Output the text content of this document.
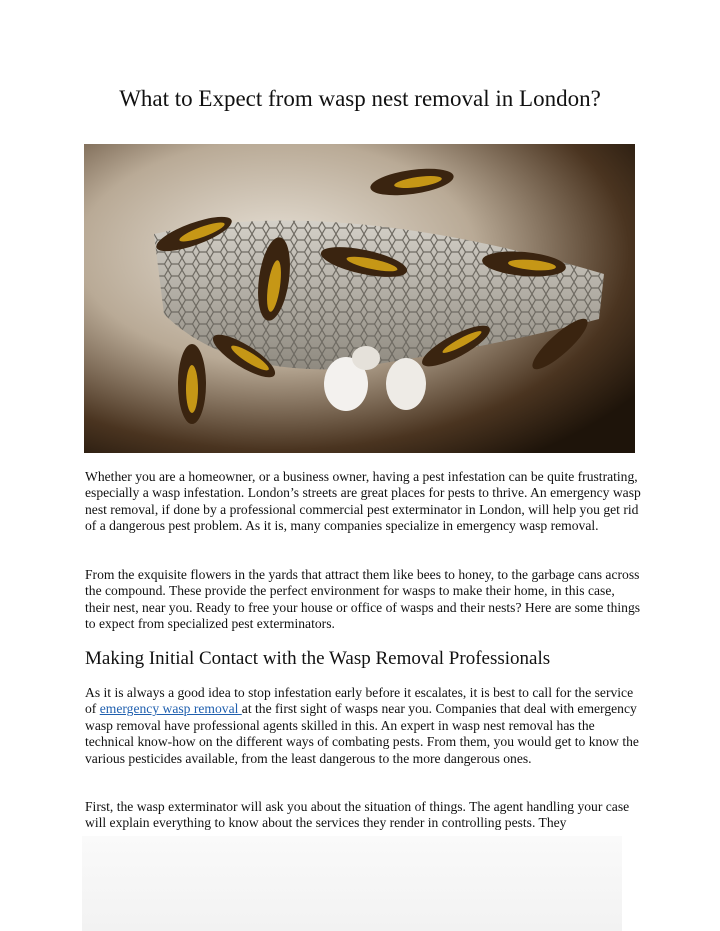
What to Expect from wasp nest removal in London?
Whether you are a homeowner, or a business owner, having a pest infestation can be quite frustrating, especially a wasp infestation. London’s streets are great places for pests to thrive. An emergency wasp nest removal, if done by a professional commercial pest exterminator in London, will help you get rid of a dangerous pest problem. As it is, many companies specialize in emergency wasp removal.
From the exquisite flowers in the yards that attract them like bees to honey, to the garbage cans across the compound. These provide the perfect environment for wasps to make their home, in this case, their nest, near you. Ready to free your house or office of wasps and their nests? Here are some things to expect from specialized pest exterminators.
Making Initial Contact with the Wasp Removal Professionals
As it is always a good idea to stop infestation early before it escalates, it is best to call for the service of emergency wasp removal at the first sight of wasps near you. Companies that deal with emergency wasp removal have professional agents skilled in this. An expert in wasp nest removal has the technical know-how on the different ways of combating pests. From them, you would get to know the various pesticides available, from the least dangerous to the more dangerous ones.
First, the wasp exterminator will ask you about the situation of things. The agent handling your case will explain everything to know about the services they render in controlling pests. They
